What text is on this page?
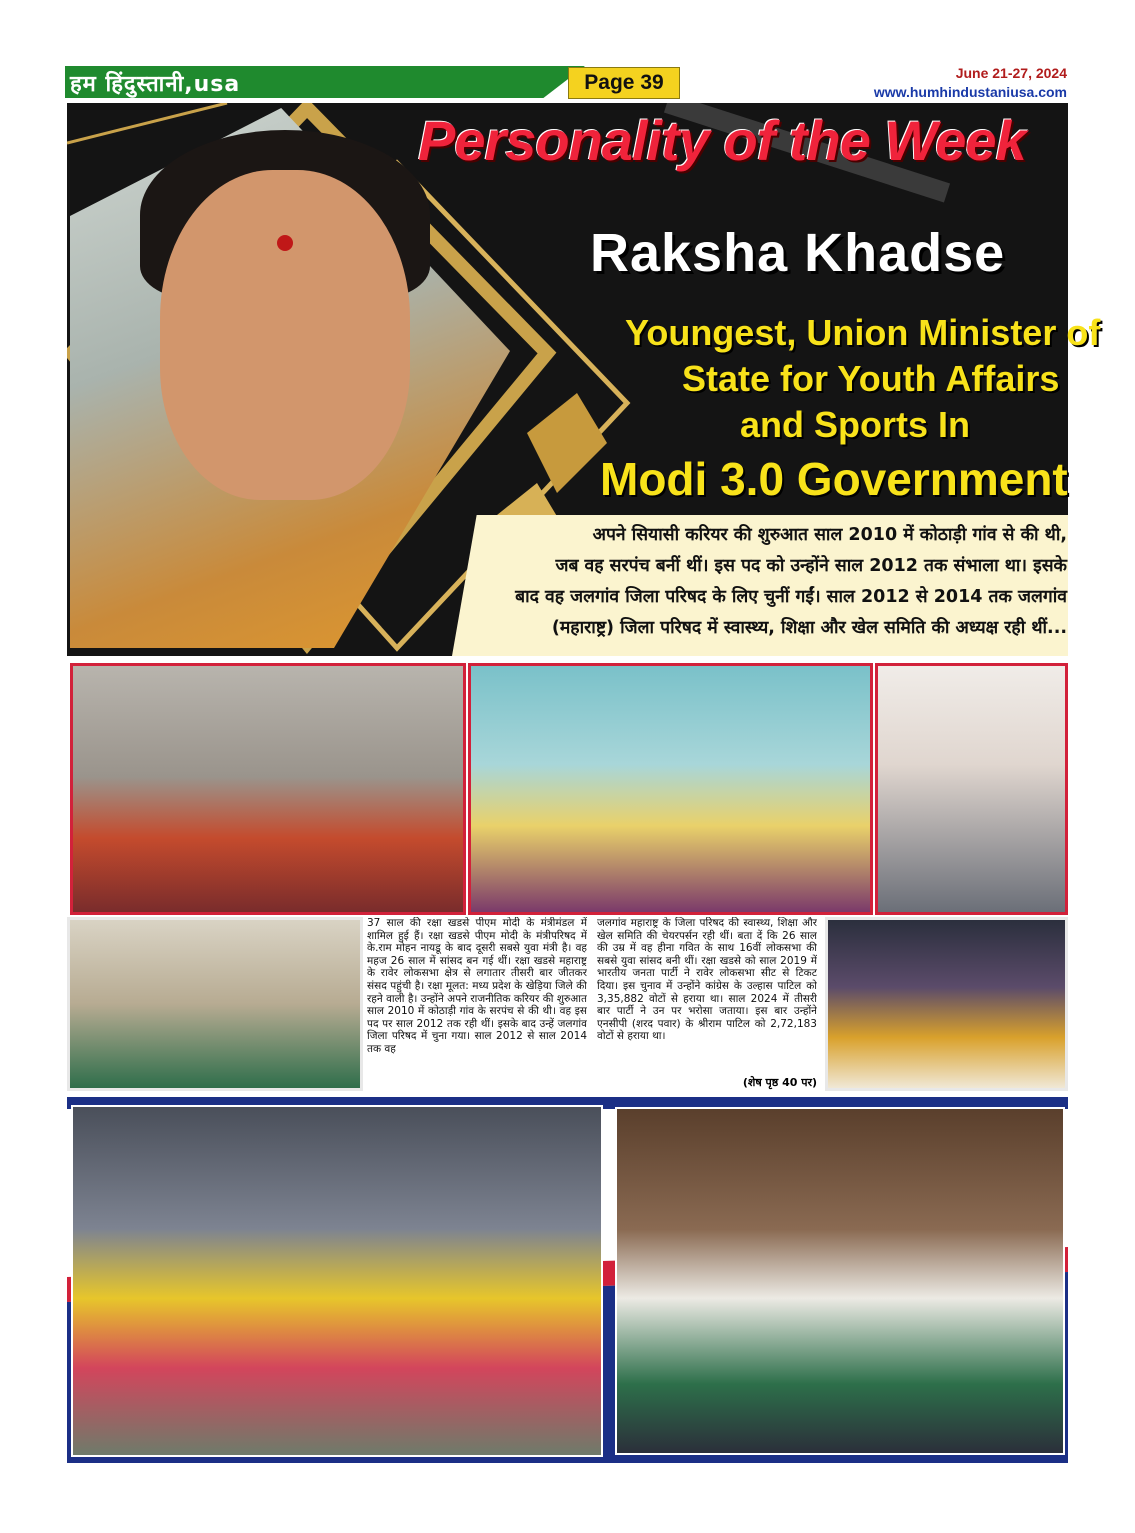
हम हिंदुस्तानी,usa	Page 39	June 21-27, 2024
www.humhindustaniusa.com
Personality of the Week
Raksha Khadse
Youngest, Union Minister of
State for Youth Affairs
and Sports In
Modi 3.0 Government
अपने सियासी करियर की शुरुआत साल 2010 में कोठाड़ी गांव से की थी,
जब वह सरपंच बनीं थीं। इस पद को उन्होंने साल 2012 तक संभाला था। इसके
बाद वह जलगांव जिला परिषद के लिए चुनीं गईं। साल 2012 से 2014 तक जलगांव
(महाराष्ट्र) जिला परिषद में स्वास्थ्य, शिक्षा और खेल समिति की अध्यक्ष रही थीं...
37 साल की रक्षा खडसे पीएम मोदी के मंत्रीमंडल में शामिल हुई हैं। रक्षा खडसे पीएम मोदी के मंत्रीपरिषद में के.राम मोहन नायडू के बाद दूसरी सबसे युवा मंत्री है। वह महज 26 साल में सांसद बन गई थीं। रक्षा खडसे महाराष्ट्र के रावेर लोकसभा क्षेत्र से लगातार तीसरी बार जीतकर संसद पहुंची है। रक्षा मूलत: मध्य प्रदेश के खेड़िया जिले की रहने वाली है। उन्होंने अपने राजनीतिक करियर की शुरुआत साल 2010 में कोठाड़ी गांव के सरपंच से की थी। वह इस पद पर साल 2012 तक रही थीं। इसके बाद उन्हें जलगांव जिला परिषद में चुना गया। साल 2012 से साल 2014 तक वह
जलगांव महाराष्ट्र के जिला परिषद की स्वास्थ्य, शिक्षा और खेल समिति की चेयरपर्सन रही थीं। बता दें कि 26 साल की उम्र में वह हीना गवित के साथ 16वीं लोकसभा की सबसे युवा सांसद बनी थीं। रक्षा खडसे को साल 2019 में भारतीय जनता पार्टी ने रावेर लोकसभा सीट से टिकट दिया। इस चुनाव में उन्होंने कांग्रेस के उल्हास पाटिल को 3,35,882 वोटों से हराया था। साल 2024 में तीसरी बार पार्टी ने उन पर भरोसा जताया। इस बार उन्होंने एनसीपी (शरद पवार) के श्रीराम पाटिल को 2,72,183 वोटों से हराया था।
(शेष पृष्ठ 40 पर)
